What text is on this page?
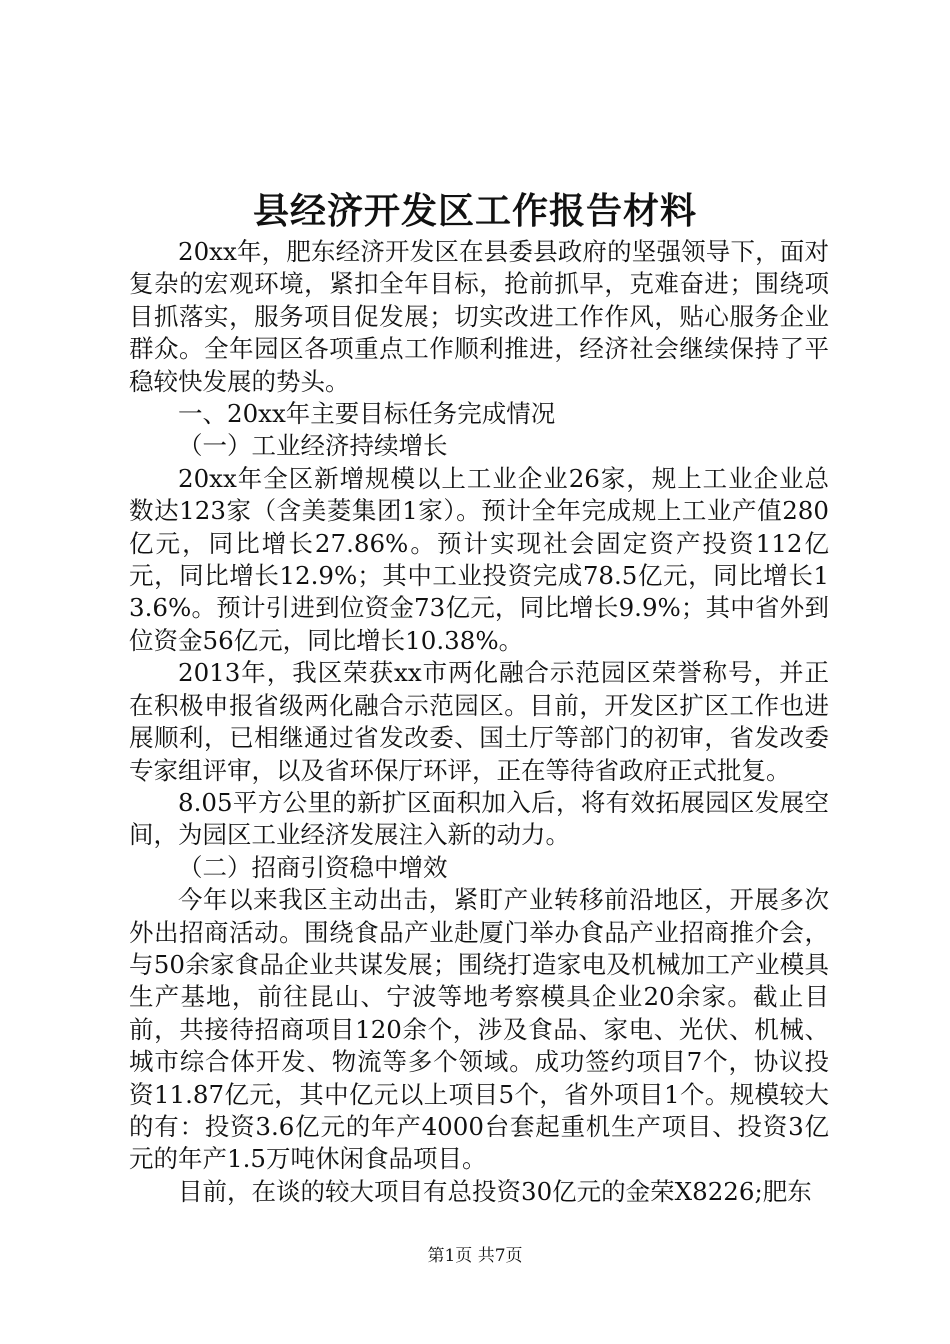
县经济开发区工作报告材料

20xx年，肥东经济开发区在县委县政府的坚强领导下，面对复杂的宏观环境，紧扣全年目标，抢前抓早，克难奋进；围绕项目抓落实，服务项目促发展；切实改进工作作风，贴心服务企业群众。全年园区各项重点工作顺利推进，经济社会继续保持了平稳较快发展的势头。

一、20xx年主要目标任务完成情况

（一）工业经济持续增长

20xx年全区新增规模以上工业企业26家，规上工业企业总数达123家（含美菱集团1家）。预计全年完成规上工业产值280亿元，同比增长27.86%。预计实现社会固定资产投资112亿元，同比增长12.9%；其中工业投资完成78.5亿元，同比增长13.6%。预计引进到位资金73亿元，同比增长9.9%；其中省外到位资金56亿元，同比增长10.38%。

2013年，我区荣获xx市两化融合示范园区荣誉称号，并正在积极申报省级两化融合示范园区。目前，开发区扩区工作也进展顺利，已相继通过省发改委、国土厅等部门的初审，省发改委专家组评审，以及省环保厅环评，正在等待省政府正式批复。

8.05平方公里的新扩区面积加入后，将有效拓展园区发展空间，为园区工业经济发展注入新的动力。

（二）招商引资稳中增效

今年以来我区主动出击，紧盯产业转移前沿地区，开展多次外出招商活动。围绕食品产业赴厦门举办食品产业招商推介会，与50余家食品企业共谋发展；围绕打造家电及机械加工产业模具生产基地，前往昆山、宁波等地考察模具企业20余家。截止目前，共接待招商项目120余个，涉及食品、家电、光伏、机械、城市综合体开发、物流等多个领域。成功签约项目7个，协议投资11.87亿元，其中亿元以上项目5个，省外项目1个。规模较大的有：投资3.6亿元的年产4000台套起重机生产项目、投资3亿元的年产1.5万吨休闲食品项目。

目前，在谈的较大项目有总投资30亿元的金荣X8226;肥东

第1页 共7页
